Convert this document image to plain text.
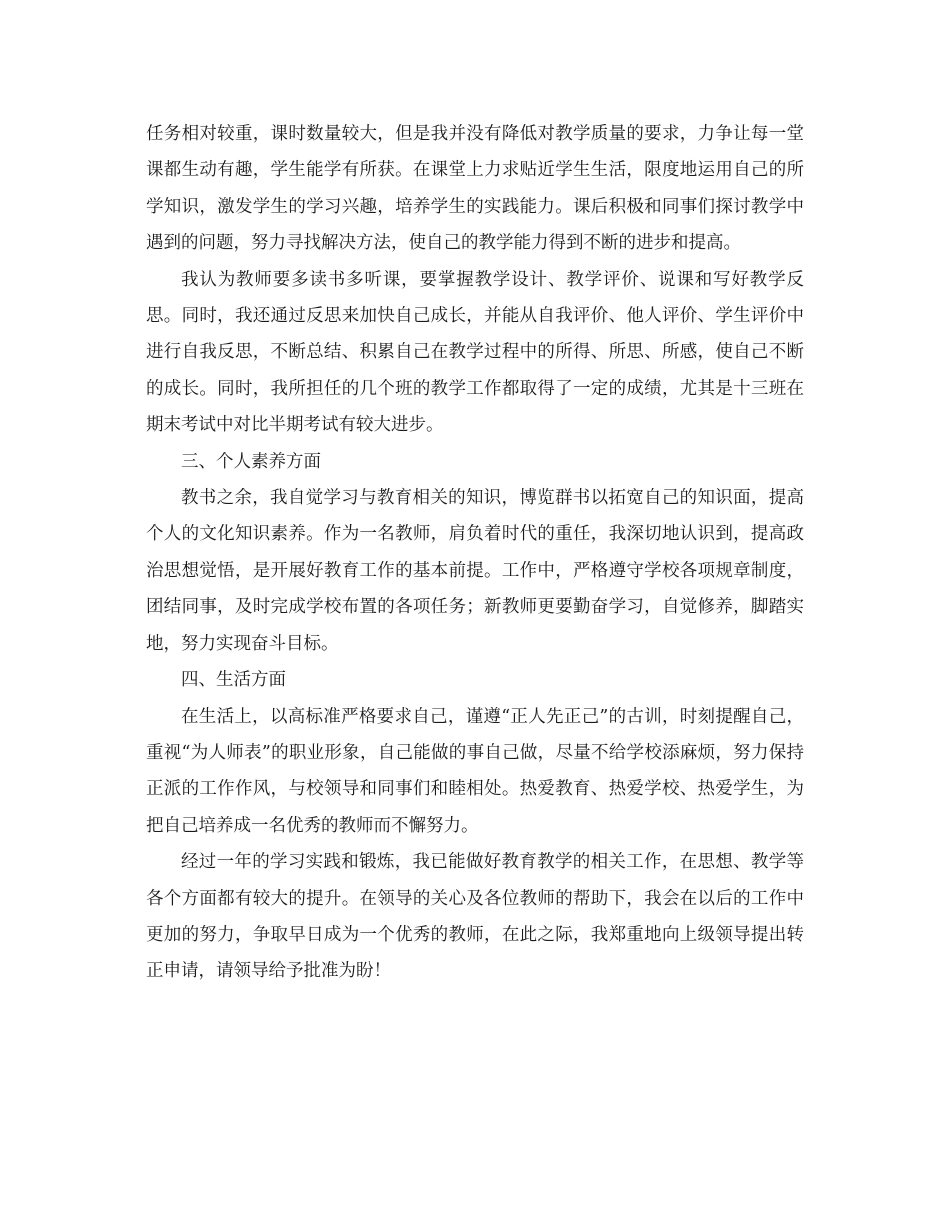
任务相对较重，课时数量较大，但是我并没有降低对教学质量的要求，力争让每一堂课都生动有趣，学生能学有所获。在课堂上力求贴近学生生活，限度地运用自己的所学知识，激发学生的学习兴趣，培养学生的实践能力。课后积极和同事们探讨教学中遇到的问题，努力寻找解决方法，使自己的教学能力得到不断的进步和提高。

我认为教师要多读书多听课，要掌握教学设计、教学评价、说课和写好教学反思。同时，我还通过反思来加快自己成长，并能从自我评价、他人评价、学生评价中进行自我反思，不断总结、积累自己在教学过程中的所得、所思、所感，使自己不断的成长。同时，我所担任的几个班的教学工作都取得了一定的成绩，尤其是十三班在期末考试中对比半期考试有较大进步。

三、个人素养方面

教书之余，我自觉学习与教育相关的知识，博览群书以拓宽自己的知识面，提高个人的文化知识素养。作为一名教师，肩负着时代的重任，我深切地认识到，提高政治思想觉悟，是开展好教育工作的基本前提。工作中，严格遵守学校各项规章制度，团结同事，及时完成学校布置的各项任务；新教师更要勤奋学习，自觉修养，脚踏实地，努力实现奋斗目标。

四、生活方面

在生活上，以高标准严格要求自己，谨遵“正人先正己”的古训，时刻提醒自己，重视“为人师表”的职业形象，自己能做的事自己做，尽量不给学校添麻烦，努力保持正派的工作作风，与校领导和同事们和睦相处。热爱教育、热爱学校、热爱学生，为把自己培养成一名优秀的教师而不懈努力。

经过一年的学习实践和锻炼，我已能做好教育教学的相关工作，在思想、教学等各个方面都有较大的提升。在领导的关心及各位教师的帮助下，我会在以后的工作中更加的努力，争取早日成为一个优秀的教师，在此之际，我郑重地向上级领导提出转正申请，请领导给予批准为盼！
